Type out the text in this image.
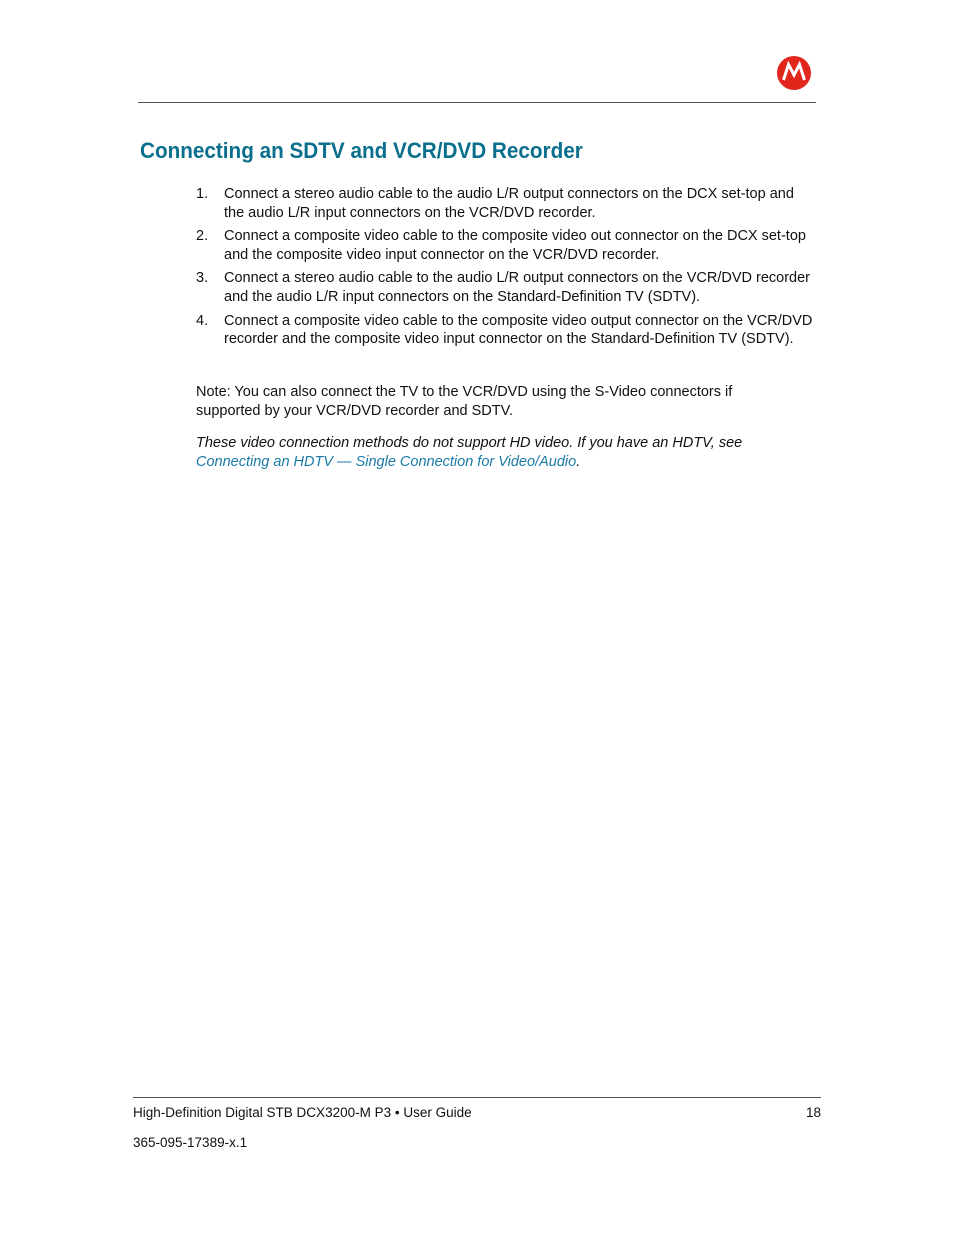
Connecting an SDTV and VCR/DVD Recorder
1. Connect a stereo audio cable to the audio L/R output connectors on the DCX set-top and the audio L/R input connectors on the VCR/DVD recorder.
2. Connect a composite video cable to the composite video out connector on the DCX set-top and the composite video input connector on the VCR/DVD recorder.
3. Connect a stereo audio cable to the audio L/R output connectors on the VCR/DVD recorder and the audio L/R input connectors on the Standard-Definition TV (SDTV).
4. Connect a composite video cable to the composite video output connector on the VCR/DVD recorder and the composite video input connector on the Standard-Definition TV (SDTV).

Note: You can also connect the TV to the VCR/DVD using the S-Video connectors if supported by your VCR/DVD recorder and SDTV.

These video connection methods do not support HD video. If you have an HDTV, see Connecting an HDTV — Single Connection for Video/Audio.

High-Definition Digital STB DCX3200-M P3 • User Guide	18
365-095-17389-x.1
